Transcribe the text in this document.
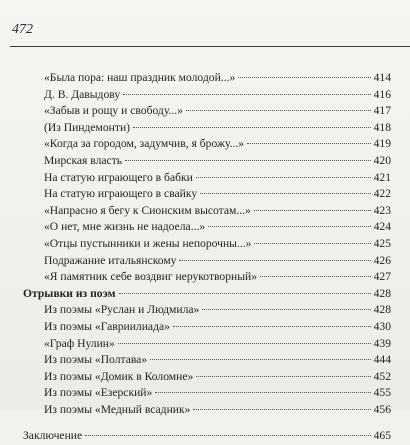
472
«Была пора: наш праздник молодой...»	414
Д. В. Давыдову	416
«Забыв и рощу и свободу...»	417
(Из Пиндемонти)	418
«Когда за городом, задумчив, я брожу...»	419
Мирская власть	420
На статую играющего в бабки	421
На статую играющего в свайку	422
«Напрасно я бегу к Сионским высотам...»	423
«О нет, мне жизнь не надоела...»	424
«Отцы пустынники и жены непорочны...»	425
Подражание итальянскому	426
«Я памятник себе воздвиг нерукотворный»	427
Отрывки из поэм	428
Из поэмы «Руслан и Людмила»	428
Из поэмы «Гавриилиада»	430
«Граф Нулин»	439
Из поэмы «Полтава»	444
Из поэмы «Домик в Коломне»	452
Из поэмы «Езерский»	455
Из поэмы «Медный всадник»	456
Заключение	465
